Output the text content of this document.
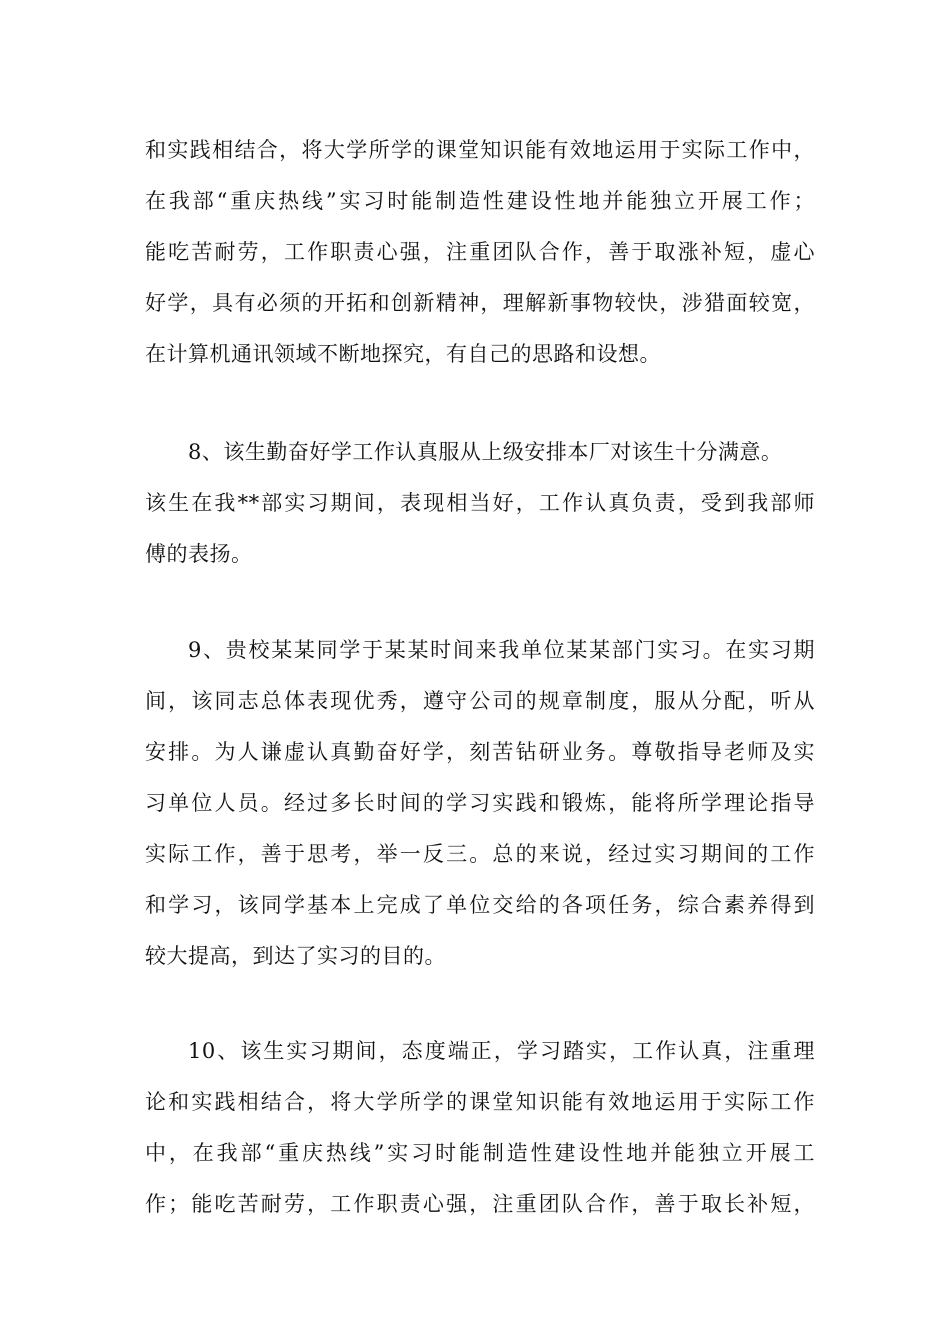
和实践相结合，将大学所学的课堂知识能有效地运用于实际工作中，

在我部“重庆热线”实习时能制造性建设性地并能独立开展工作；

能吃苦耐劳，工作职责心强，注重团队合作，善于取涨补短，虚心

好学，具有必须的开拓和创新精神，理解新事物较快，涉猎面较宽，

在计算机通讯领域不断地探究，有自己的思路和设想。

8、该生勤奋好学工作认真服从上级安排本厂对该生十分满意。

该生在我**部实习期间，表现相当好，工作认真负责，受到我部师

傅的表扬。

9、贵校某某同学于某某时间来我单位某某部门实习。在实习期

间，该同志总体表现优秀，遵守公司的规章制度，服从分配，听从

安排。为人谦虚认真勤奋好学，刻苦钻研业务。尊敬指导老师及实

习单位人员。经过多长时间的学习实践和锻炼，能将所学理论指导

实际工作，善于思考，举一反三。总的来说，经过实习期间的工作

和学习，该同学基本上完成了单位交给的各项任务，综合素养得到

较大提高，到达了实习的目的。

10、该生实习期间，态度端正，学习踏实，工作认真，注重理

论和实践相结合，将大学所学的课堂知识能有效地运用于实际工作

中，在我部“重庆热线”实习时能制造性建设性地并能独立开展工

作；能吃苦耐劳，工作职责心强，注重团队合作，善于取长补短，
